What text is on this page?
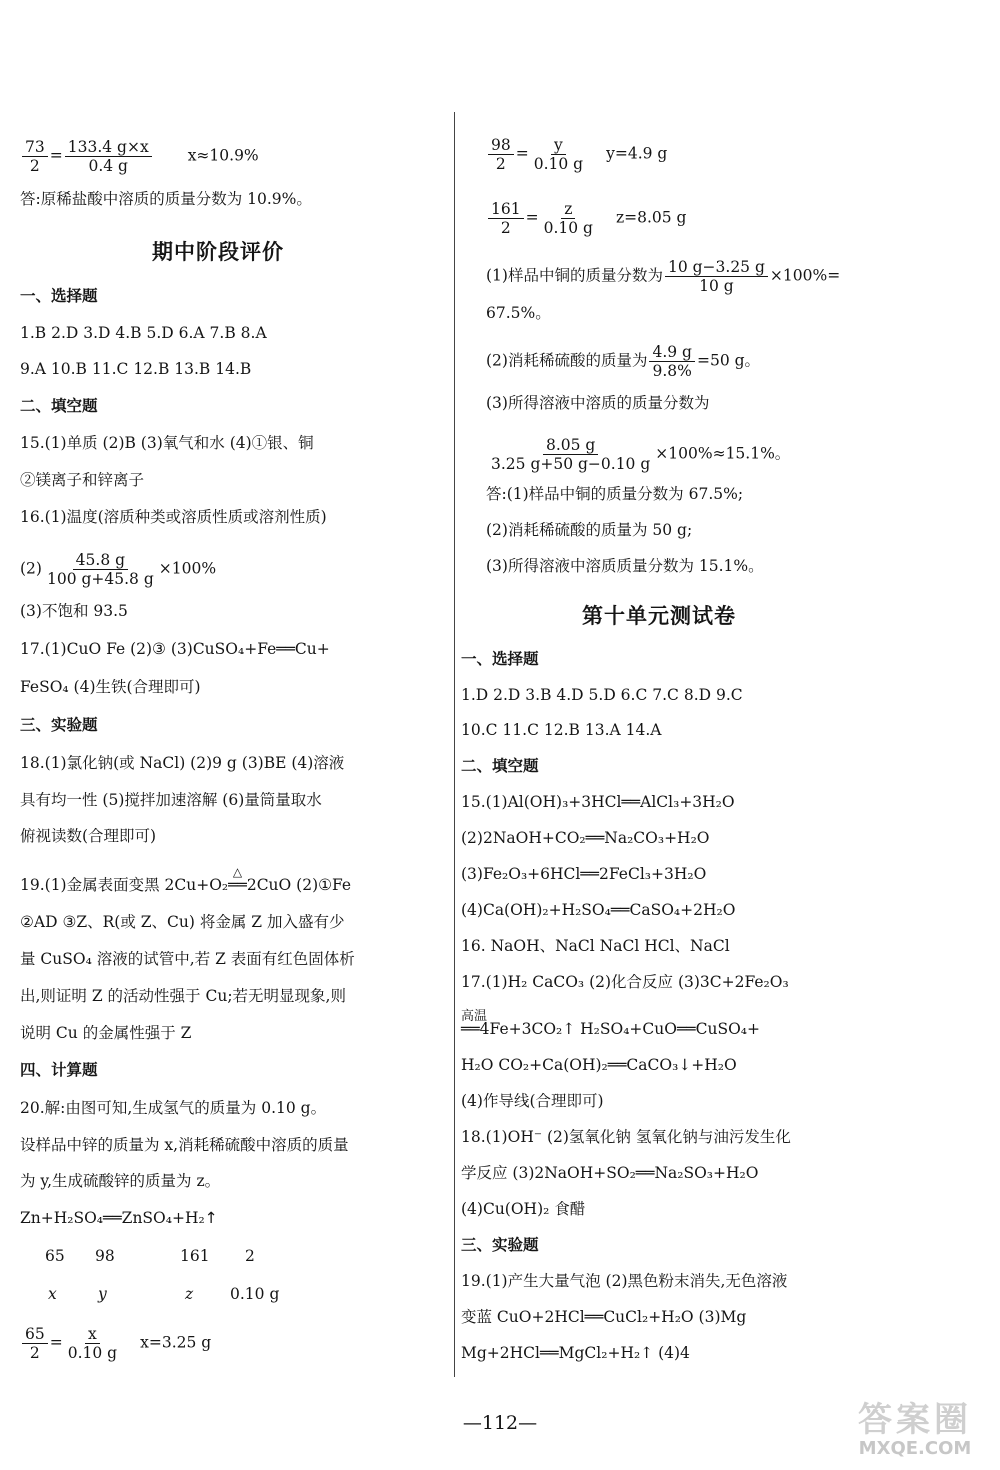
$\frac{73}{2} = \frac{133.4 g\times x}{0.4 g} x\approx 10.9\%$
答:原稀盐酸中溶质的质量分数为 10.9%。
期中阶段评价
一、选择题
1.B 2.D 3.D 4.B 5.D 6.A 7.B 8.A
9.A 10.B 11.C 12.B 13.B 14.B
二、填空题
15.(1)单质 (2)B (3)氧气和水 (4)①银、铜
②镁离子和锌离子
16.(1)温度(溶质种类或溶质性质或溶剂性质)
$(2) \frac{45.8 g}{100 g+45.8 g} \times 100\%$
(3)不饱和 93.5
17.(1)CuO Fe (2)③ (3)CuSO₄+Fe══Cu+
FeSO₄ (4)生铁(合理即可)
三、实验题
18.(1)氯化钠(或 NaCl) (2)9 g (3)BE (4)溶液
具有均一性 (5)搅拌加速溶解 (6)量筒量取水
俯视读数(合理即可)
19.(1)金属表面变黑 2Cu+O₂
△
══2CuO (2)①Fe
②AD ③Z、R(或 Z、Cu) 将金属 Z 加入盛有少
量 CuSO₄ 溶液的试管中,若 Z 表面有红色固体析
出,则证明 Z 的活动性强于 Cu;若无明显现象,则
说明 Cu 的金属性强于 Z
四、计算题
20.解:由图可知,生成氢气的质量为 0.10 g。
设样品中锌的质量为 x,消耗稀硫酸中溶质的质量
为 y,生成硫酸锌的质量为 z。
Zn+H₂SO₄══ZnSO₄+H₂↑
65 98	161 2
x	y	z 0.10 g
$\frac{65}{2} = \frac{x}{0.10 g} x=3.25$ g
$\frac{98}{2} = \frac{y}{0.10 g} y=4.9$ g
$\frac{161}{2} = \frac{z}{0.10 g} z=8.05$ g
(1)样品中铜的质量分数为 $\frac{10 g-3.25 g}{10 g} \times 100\%=$
67.5%。
(2)消耗稀硫酸的质量为 $\frac{4.9 g}{9.8\%} =50$ g。
(3)所得溶液中溶质的质量分数为
$\frac{8.05 g}{3.25 g+50 g-0.10 g} \times 100\%\approx 15.1\%$。
答:(1)样品中铜的质量分数为 67.5%;
(2)消耗稀硫酸的质量为 50 g;
(3)所得溶液中溶质质量分数为 15.1%。
第十单元测试卷
一、选择题
1.D 2.D 3.B 4.D 5.D 6.C 7.C 8.D 9.C
10.C 11.C 12.B 13.A 14.A
二、填空题
15.(1)Al(OH)₃+3HCl══AlCl₃+3H₂O
(2)2NaOH+CO₂══Na₂CO₃+H₂O
(3)Fe₂O₃+6HCl══2FeCl₃+3H₂O
(4)Ca(OH)₂+H₂SO₄══CaSO₄+2H₂O
16. NaOH、NaCl NaCl HCl、NaCl
17.(1)H₂ CaCO₃ (2)化合反应 (3)3C+2Fe₂O₃
高温
══4Fe+3CO₂↑ H₂SO₄+CuO══CuSO₄+
H₂O CO₂+Ca(OH)₂══CaCO₃↓+H₂O
(4)作导线(合理即可)
18.(1)OH⁻ (2)氢氧化钠 氢氧化钠与油污发生化
学反应 (3)2NaOH+SO₂══Na₂SO₃+H₂O
(4)Cu(OH)₂ 食醋
三、实验题
19.(1)产生大量气泡 (2)黑色粉末消失,无色溶液
变蓝 CuO+2HCl══CuCl₂+H₂O (3)Mg
Mg+2HCl══MgCl₂+H₂↑ (4)4
—112—	答案圈
MXQE.COM
